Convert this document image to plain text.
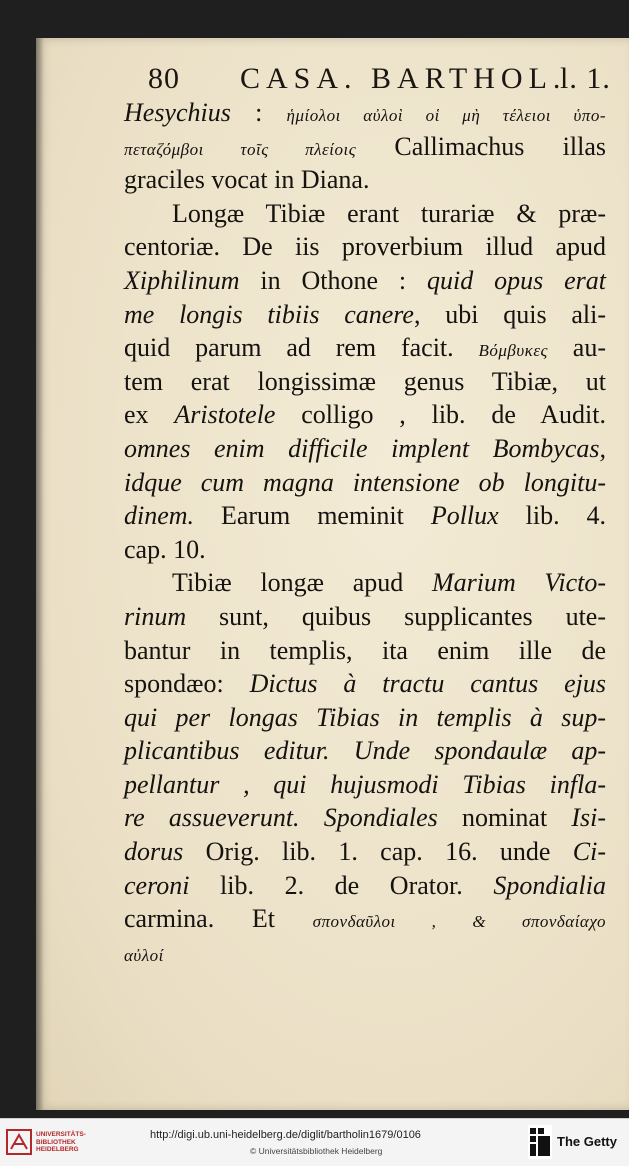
80 CASA. BARTHOL.
l. 1.
Hesychius : ἡμίολοι αὐλοὶ οἱ μὴ τέλειοι ὑπο-
πεταζόμβοι τοῖς πλείοις Callimachus illas
graciles vocat in Diana.
Longæ Tibiæ erant turariæ & præ-
centoriæ. De iis proverbium illud apud
Xiphilinum in Othone : quid opus erat
me longis tibiis canere, ubi quis ali-
quid parum ad rem facit. Βόμβυκες au-
tem erat longissimæ genus Tibiæ, ut
ex Aristotele colligo , lib. de Audit.
omnes enim difficile implent Bombycas,
idque cum magna intensione ob longitu-
dinem. Earum meminit Pollux lib. 4.
cap. 10.
Tibiæ longæ apud Marium Victo-
rinum sunt, quibus supplicantes ute-
bantur in templis, ita enim ille de
spondæo: Dictus à tractu cantus ejus
qui per longas Tibias in templis à sup-
plicantibus editur. Unde spondaulæ ap-
pellantur , qui hujusmodi Tibias infla-
re assueverunt. Spondiales nominat Isi-
dorus Orig. lib. 1. cap. 16. unde Ci-
ceroni lib. 2. de Orator. Spondialia
carmina. Et σπονδαῦλοι , & σπονδαίαχο
αὐλοί
UNIVERSITÄTS-
BIBLIOTHEK
HEIDELBERG
http://digi.ub.uni-heidelberg.de/diglit/bartholin1679/0106
© Universitätsbibliothek Heidelberg
The Getty
